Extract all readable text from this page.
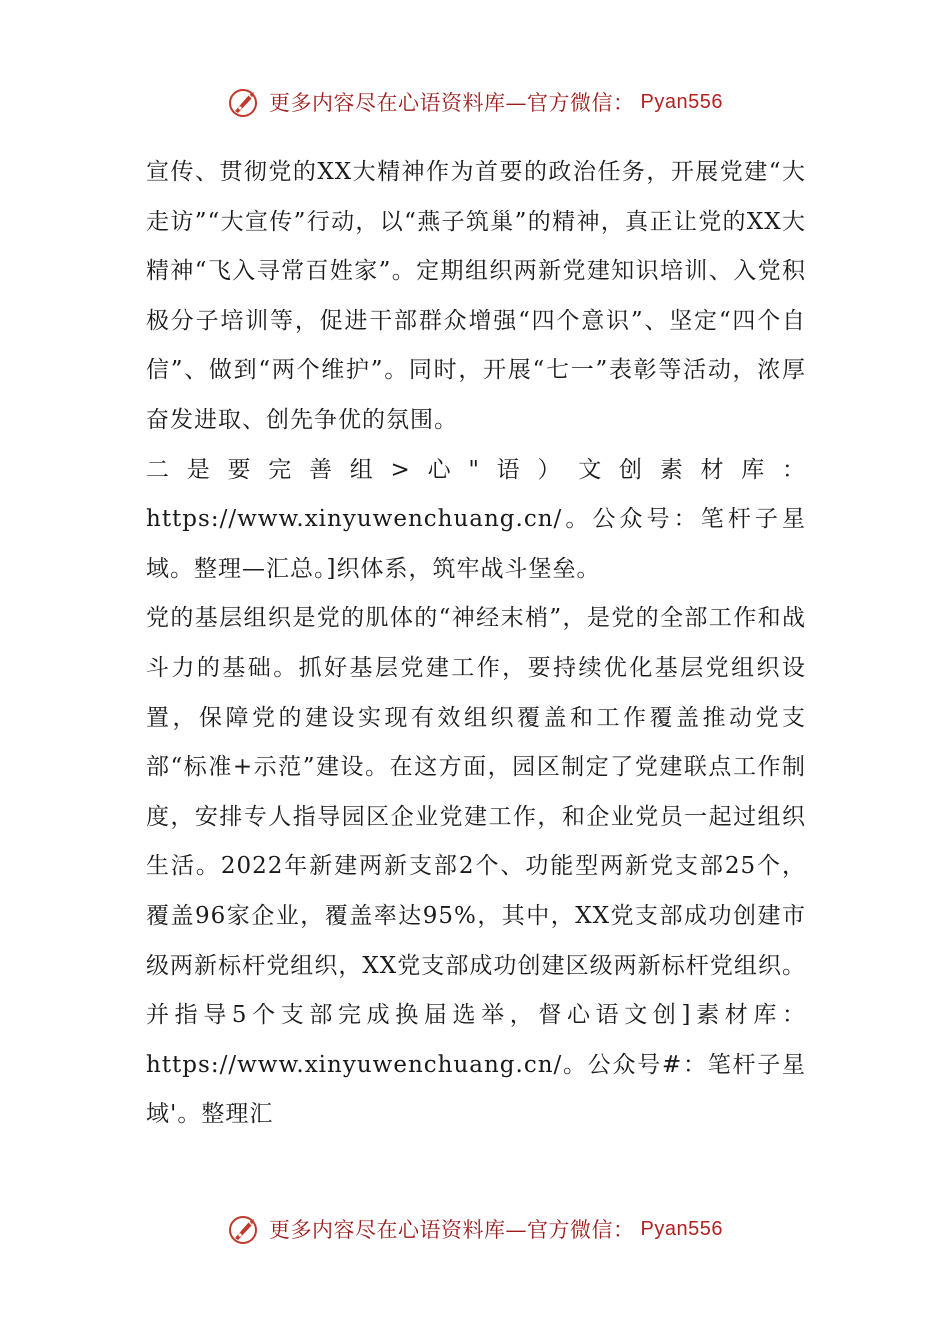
更多内容尽在心语资料库—官方微信： Pyan556

宣传、贯彻党的XX大精神作为首要的政治任务，开展党建“大走访”“大宣传”行动，以“燕子筑巢”的精神，真正让党的XX大精神“飞入寻常百姓家”。定期组织两新党建知识培训、入党积极分子培训等，促进干部群众增强“四个意识”、坚定“四个自信”、做到“两个维护”。同时，开展“七一”表彰等活动，浓厚奋发进取、创先争优的氛围。

二是要完善组>心"语）文创素材库：https://www.xinyuwenchuang.cn/。公众号：笔杆子星域。整理—汇总。]织体系，筑牢战斗堡垒。

党的基层组织是党的肌体的“神经末梢”，是党的全部工作和战斗力的基础。抓好基层党建工作，要持续优化基层党组织设置，保障党的建设实现有效组织覆盖和工作覆盖推动党支部“标准+示范”建设。在这方面，园区制定了党建联点工作制度，安排专人指导园区企业党建工作，和企业党员一起过组织生活。2022年新建两新支部2个、功能型两新党支部25个，覆盖96家企业，覆盖率达95%，其中，XX党支部成功创建市级两新标杆党组织，XX党支部成功创建区级两新标杆党组织。并指导5个支部完成换届选举，督心语文创]素材库：https://www.xinyuwenchuang.cn/。公众号#：笔杆子星域'。整理汇

更多内容尽在心语资料库—官方微信： Pyan556
